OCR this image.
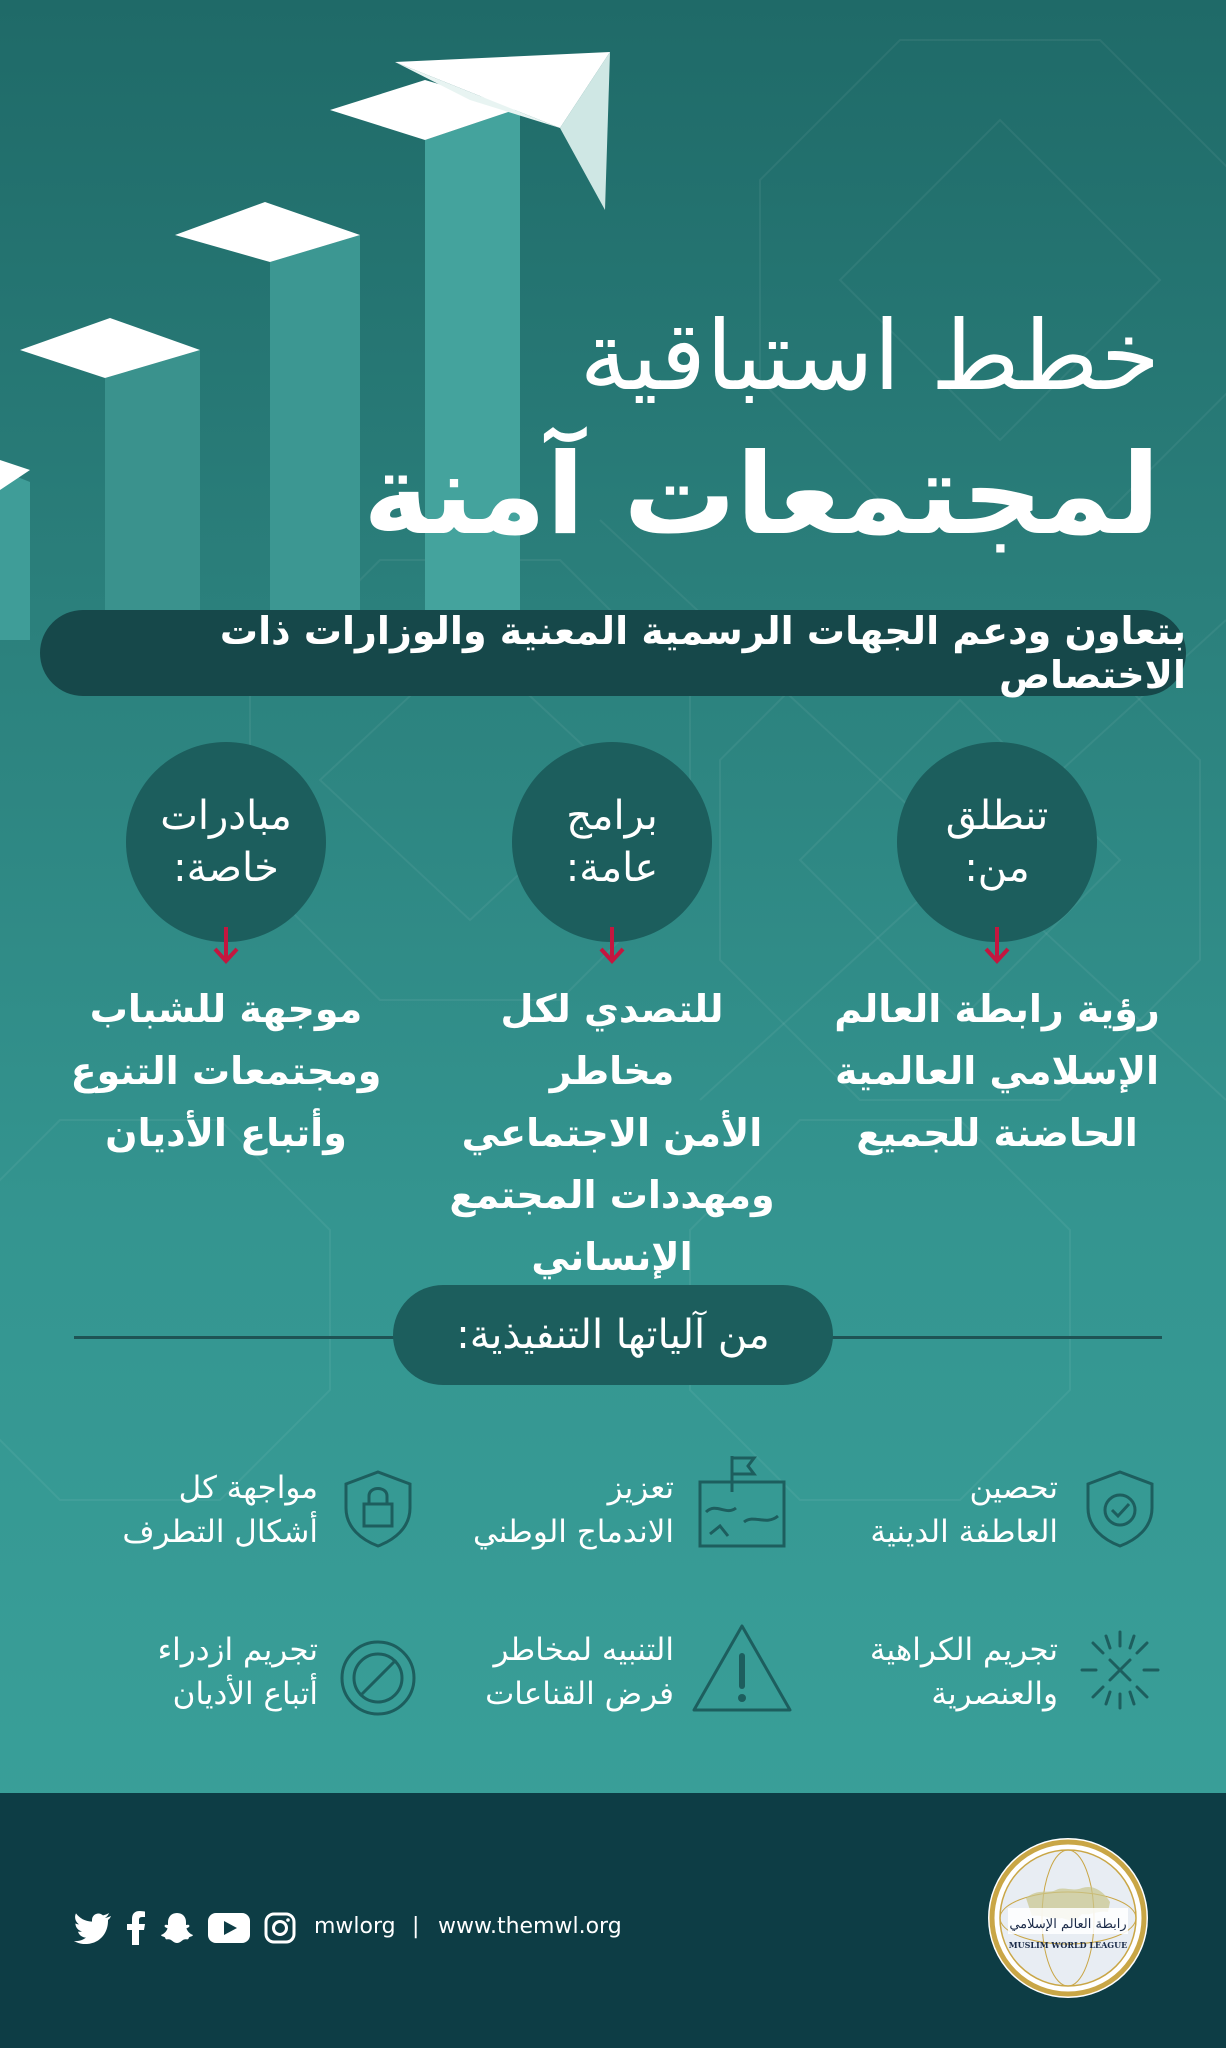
خطط استباقية
لمجتمعات آمنة
بتعاون ودعم الجهات الرسمية المعنية والوزارات ذات الاختصاص
تنطلق
من:
برامج
عامة:
مبادرات
خاصة:
رؤية رابطة العالم
الإسلامي العالمية
الحاضنة للجميع
للتصدي لكل مخاطر
الأمن الاجتماعي
ومهددات المجتمع
الإنساني
موجهة للشباب
ومجتمعات التنوع
وأتباع الأديان
من آلياتها التنفيذية:
تحصين
العاطفة الدينية
تعزيز
الاندماج الوطني
مواجهة كل
أشكال التطرف
تجريم الكراهية
والعنصرية
التنبيه لمخاطر
فرض القناعات
تجريم ازدراء
أتباع الأديان
mwlorg | www.themwl.org	رابطة العالم الإسلامي
MUSLIM WORLD LEAGUE
